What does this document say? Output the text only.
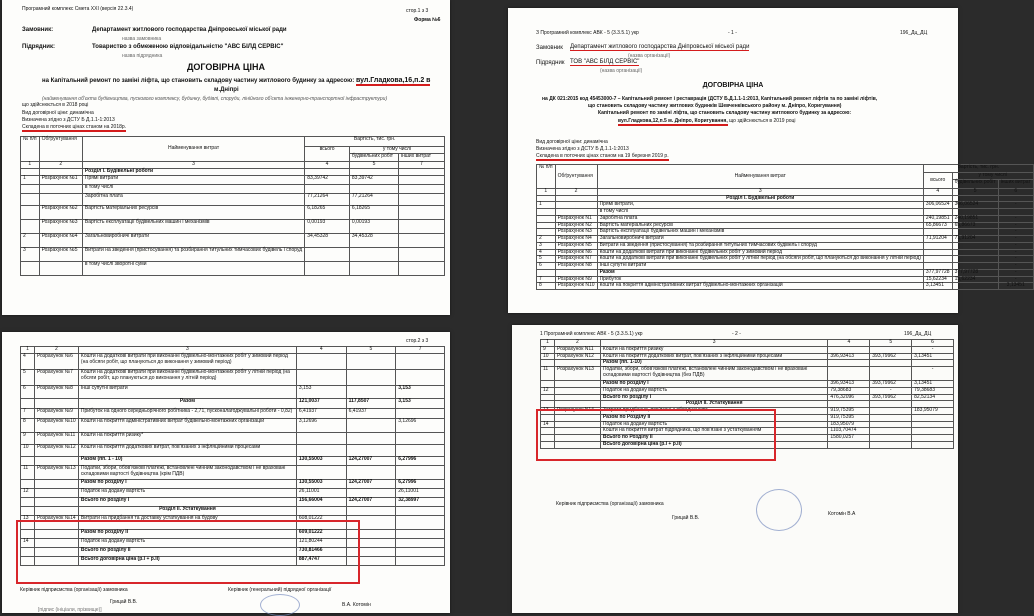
Програмний комплекс Смета XXI (версія 22.3.4)	стор.1 з 3
Форма №6
Замовник:	Департамент житлового господарства Дніпровської міської ради
назва замовника
Підрядник:	Товариство з обмеженою відповідальністю "АВС БІЛД СЕРВІС"
назва підрядника
ДОГОВІРНА ЦІНА
на Капітальний ремонт по заміні ліфта, що становить складову частину житлового будинку за адресою: вул.Гладкова,16,п.2 в
м.Дніпрі
(найменування об'єкта будівництва, пускового комплексу, будинку, будівлі, споруди, лінійного об'єкта інженерно-транспортної інфраструктури)
що здійснюється в 2018 році
Вид договірної ціни: динамічна
Визначена згідно з ДСТУ Б Д.1.1-1:2013
Складена в поточних цінах станом на 2018р.
№ п/п	Обґрунтування	Найменування витрат	Вартість, тис. грн.		
			всього	у тому числі	
				будівельних робіт	інших витрат
1	2	3	4	5	7
		Розділ І. Будівельні роботи			
1	Розрахунок №1	Прямі витрати	83,39742	83,39742	
		в тому числі			
		Заробітна плата	77,21264	77,21264	
	Розрахунок №2	Вартість матеріальних ресурсів	6,18265	6,18265	
	Розрахунок №3	Вартість експлуатації будівельних машин і механізмів	0,00193	0,00193	
2	Розрахунок №4	Загальновиробничі витрати	34,45328	34,45328	
3	Розрахунок №5	Витрати на зведення (пристосування) та розбирання титульних тимчасових будівель і споруд			
		в тому числі зворотні суми			
З Програмний комплекс АВК - 5 (3.3.5.1) укр	- 1 -	196_Дц_ДЦ
Замовник Департамент житлового господарства Дніпровської міської ради
(назва організації)
Підрядник ТОВ "АВС БІЛД СЕРВІС"
(назва організації)
ДОГОВІРНА ЦІНА
на ДК 021:2015 код 45453000-7 – Капітальний ремонт і реставрація (ДСТУ Б.Д.1.1-1:2013, Капітальний ремонт ліфтів та по заміні ліфтів,
що становить складову частину житлових будинків Шевченківського району м. Дніпро, Коригування)
Капітальний ремонт по заміні ліфта, що становить складову частину житлового будинку за адресою:
вул.Гладкова,12,п.5 м. Дніпро, Коригування, що здійснюється в 2019 році
Вид договірної ціни: динамічна
Визначена згідно з ДСТУ Б Д.1.1-1:2013
Складена в поточних цінах станом на 19 березня 2019 р.
№ п/п	Обґрунтування	Найменування витрат	Вартість, тис. грн.		
			всього	у тому числі	
				будівельних робіт	інших витрат
1	2	3	4	5	6
		Розділ І. Будівельні роботи			
1		Прямі витрати,	306,06524	306,06524	-
		в тому числі			
	Розрахунок N1	Заробітна плата	240,19851	240,19851	-
	Розрахунок N2	Вартість матеріальних ресурсів	65,86673	65,86673	-
	Розрахунок N3	Вартість експлуатації будівельних машин і механізмів			-
2	Розрахунок N4	Загальновиробничі витрати	71,91204	71,91204	-
3	Розрахунок N5	Витрати на зведення (пристосування) та розбирання титульних тимчасових будівель і споруд			-
4	Розрахунок N6	Кошти на додаткові витрати при виконанні будівельних робіт у зимовий період			-
5	Розрахунок N7	Кошти на додаткові витрати при виконанні будівельних робіт у літній період (на обсяги робіт, що плануються до виконання у літній період)			-
6	Розрахунок N8	Інші супутні витрати			-
		Разом	377,97728	377,97728	-
7	Розрахунок N9	Прибуток	15,62234	15,62234	-
8	Розрахунок N10	Кошти на покриття адміністративних витрат будівельно-монтажних організацій	3,13451		3,13451
стор.2 з 3
1	2	3	4	5	7
4	Розрахунок №6	Кошти на додаткові витрати при виконанні будівельно-монтажних робіт у зимовий період (на обсяги робіт, що плануються до виконання у зимовий період)			
5	Розрахунок №7	Кошти на додаткові витрати при виконанні будівельно-монтажних робіт у літній період (на обсяги робіт, що плануються до виконання у літній період)			
6	Розрахунок №8	Інші супутні витрати	3,153		3,153
		Разом	121,0037	117,8507	3,153
7	Розрахунок №9	Прибуток на одного середньорічного робітника - 2,71, пусконалагоджувальні роботи - 0,82)	6,41937	6,41937	
8	Розрахунок №10	Кошти на покриття адміністративних витрат будівельно-монтажних організацій	3,12696		3,12696
9	Розрахунок №11	Кошти на покриття ризику*			
10	Розрахунок №12	Кошти на покриття додаткових витрат, пов'язаних з інфляційними процесами			
		Разом (пп. 1 - 10)	130,55003	124,27007	6,27996
11	Розрахунок №13	Податки, збори, обов'язкові платежі, встановлені чинним законодавством і не враховані складовими вартості будівництва (крім ПДВ)			
		Разом по розділу І	130,55003	124,27007	6,27996
12		Податок на додану вартість	26,11001		26,11001
		Всього по розділу І	156,66004	124,27007	32,38997
		Розділ ІІ. Устаткування			
13	Розрахунок №14	Витрати на придбання та доставку устаткування на будову	608,01222		
		Разом по розділу ІІ	609,01222		
14		Податок на додану вартість	121,80244		
		Всього по розділу ІІ	730,81466		
		Всього договірна ціна (р.І + р.ІІ)	887,4747		
Керівник підприємства (організації) замовника
Грицай В.В.
[підпис (ініціали, прізвище)]
Керівник (генеральний) підрядної організації
В.А. Котомін
1 Програмний комплекс АВК - 5 (3.3.5.1) укр	- 2 -	196_Дц_ДЦ
1	2	3	4	5	6
9	Розрахунок N11	Кошти на покриття ризику			-
10	Розрахунок N12	Кошти на покриття додаткових витрат, пов'язаних з інфляційними процесами	396,93413	393,79962	3,13451
		Разом (пп. 1-10)			
11	Розрахунок N13	Податки, збори, обов'язкові платежі, встановлені чинним законодавством і не враховані складовими вартості будівництва (без ПДВ)			-
		Разом по розділу І	396,93413	393,79962	3,13451
12		Податок на додану вартість	79,38683	-	79,38683
		Всього по розділу І	476,32096	393,79962	82,52134
		Розділ ІІ. Устаткування			
13	Розрахунок N14	Затрати придбання, пов'язані з обладнанням	919,75395		183,95079
		Разом по Розділу ІІ	919,75395		
14		Податок на додану вартість	183,95079		
		Кошти на покриття витрат підрядника, що пов'язані з устаткуванням	1103,70474		
		Всього по Розділу ІІ	1580,0257		
		Всього договірна ціна (р.І + р.ІІ)			
Керівник підприємства (організації) замовника
Грицай В.В.
Котомін В.А
